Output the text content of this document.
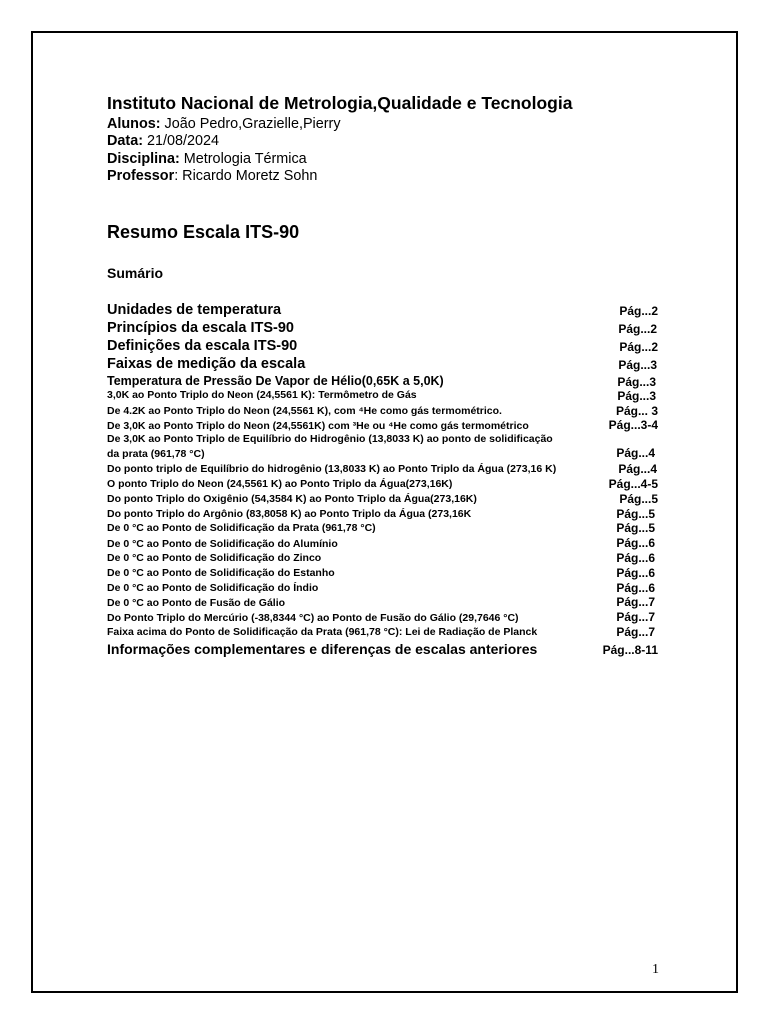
Instituto Nacional de Metrologia,Qualidade e Tecnologia
Alunos: João Pedro,Grazielle,Pierry
Data: 21/08/2024
Disciplina: Metrologia Térmica
Professor: Ricardo Moretz Sohn
Resumo Escala ITS-90
Sumário
Unidades de temperatura	Pág...2
Princípios da escala ITS-90	Pág...2
Definições da escala ITS-90	Pág...2
Faixas de medição da escala	Pág...3
Temperatura de Pressão De Vapor de Hélio(0,65K a 5,0K)	Pág...3
3,0K ao Ponto Triplo do Neon (24,5561 K): Termômetro de Gás	Pág...3
De 4.2K ao Ponto Triplo do Neon (24,5561 K), com ⁴He como gás termométrico.	Pág... 3
De 3,0K ao Ponto Triplo do Neon (24,5561K) com ³He ou ⁴He como gás termométrico	Pág...3-4
De 3,0K ao Ponto Triplo de Equilíbrio do Hidrogênio (13,8033 K) ao ponto de solidificação
da prata (961,78 °C)	Pág...4
Do ponto triplo de Equilíbrio do hidrogênio (13,8033 K) ao Ponto Triplo da Água (273,16 K)	Pág...4
O ponto Triplo do Neon (24,5561 K) ao Ponto Triplo da Água(273,16K)	Pág...4-5
Do ponto Triplo do Oxigênio (54,3584 K) ao Ponto Triplo da Água(273,16K)	Pág...5
Do ponto Triplo do Argônio (83,8058 K) ao Ponto Triplo da Água (273,16K	Pág...5
De 0 °C ao Ponto de Solidificação da Prata (961,78 °C)	Pág...5
De 0 °C ao Ponto de Solidificação do Alumínio	Pág...6
De 0 °C ao Ponto de Solidificação do Zinco	Pág...6
De 0 °C ao Ponto de Solidificação do Estanho	Pág...6
De 0 °C ao Ponto de Solidificação do Índio	Pág...6
De 0 °C ao Ponto de Fusão de Gálio	Pág...7
Do Ponto Triplo do Mercúrio (-38,8344 °C) ao Ponto de Fusão do Gálio (29,7646 °C)	Pág...7
Faixa acima do Ponto de Solidificação da Prata (961,78 °C): Lei de Radiação de Planck	Pág...7
Informações complementares e diferenças de escalas anteriores	Pág...8-11
1
